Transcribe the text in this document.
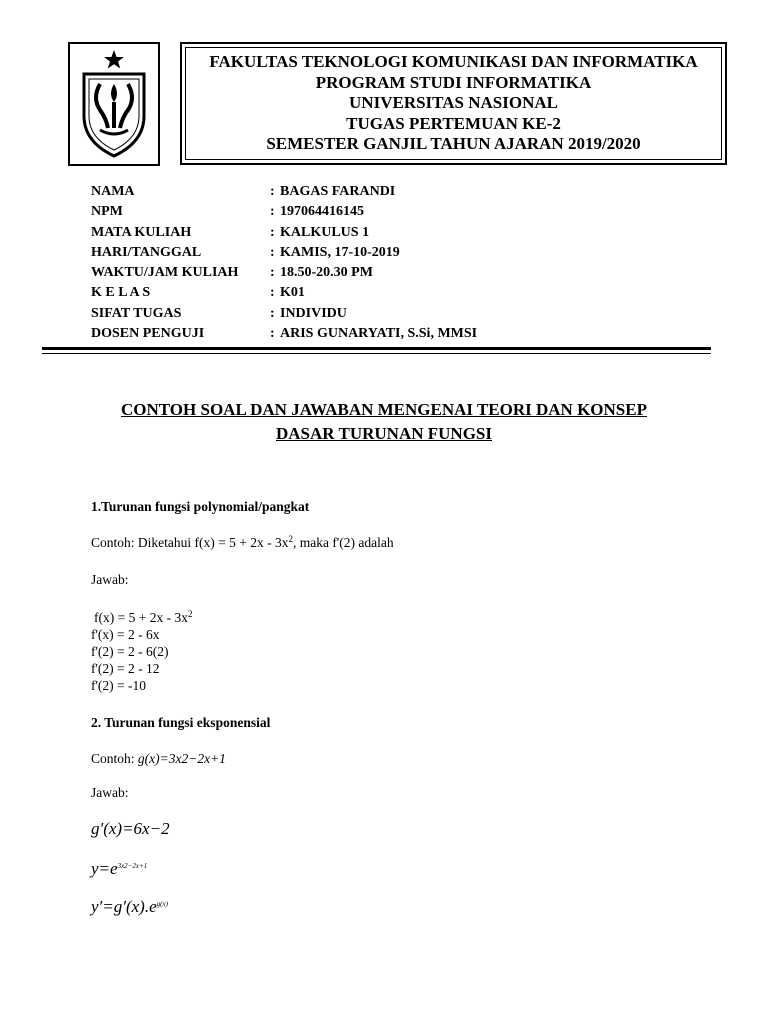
FAKULTAS TEKNOLOGI KOMUNIKASI DAN INFORMATIKA
PROGRAM STUDI INFORMATIKA
UNIVERSITAS NASIONAL
TUGAS PERTEMUAN KE-2
SEMESTER GANJIL TAHUN AJARAN 2019/2020
NAMA	:	BAGAS FARANDI
NPM	:	197064416145
MATA KULIAH	:	KALKULUS 1
HARI/TANGGAL	:	KAMIS, 17-10-2019
WAKTU/JAM KULIAH	:	18.50-20.30 PM
K E L A S	:	K01
SIFAT TUGAS	:	INDIVIDU
DOSEN PENGUJI	:	ARIS GUNARYATI, S.Si, MMSI
CONTOH SOAL DAN JAWABAN MENGENAI TEORI DAN KONSEP
DASAR TURUNAN FUNGSI
1.Turunan fungsi polynomial/pangkat
Contoh: Diketahui $f(x) = 5 + 2x - 3x^2$, maka f'(2) adalah
Jawab:
$f(x) = 5 + 2x - 3x^2$
f'(x) = 2 - 6x
f'(2) = 2 - 6(2)
f'(2) = 2 - 12
f'(2) = -10
2. Turunan fungsi eksponensial
Contoh: g(x)=3x2−2x+1
Jawab:
g′(x)=6x−2
$y=e^{3x2-2x+1}$
$y'=g'(x).e^{g(x)}$
